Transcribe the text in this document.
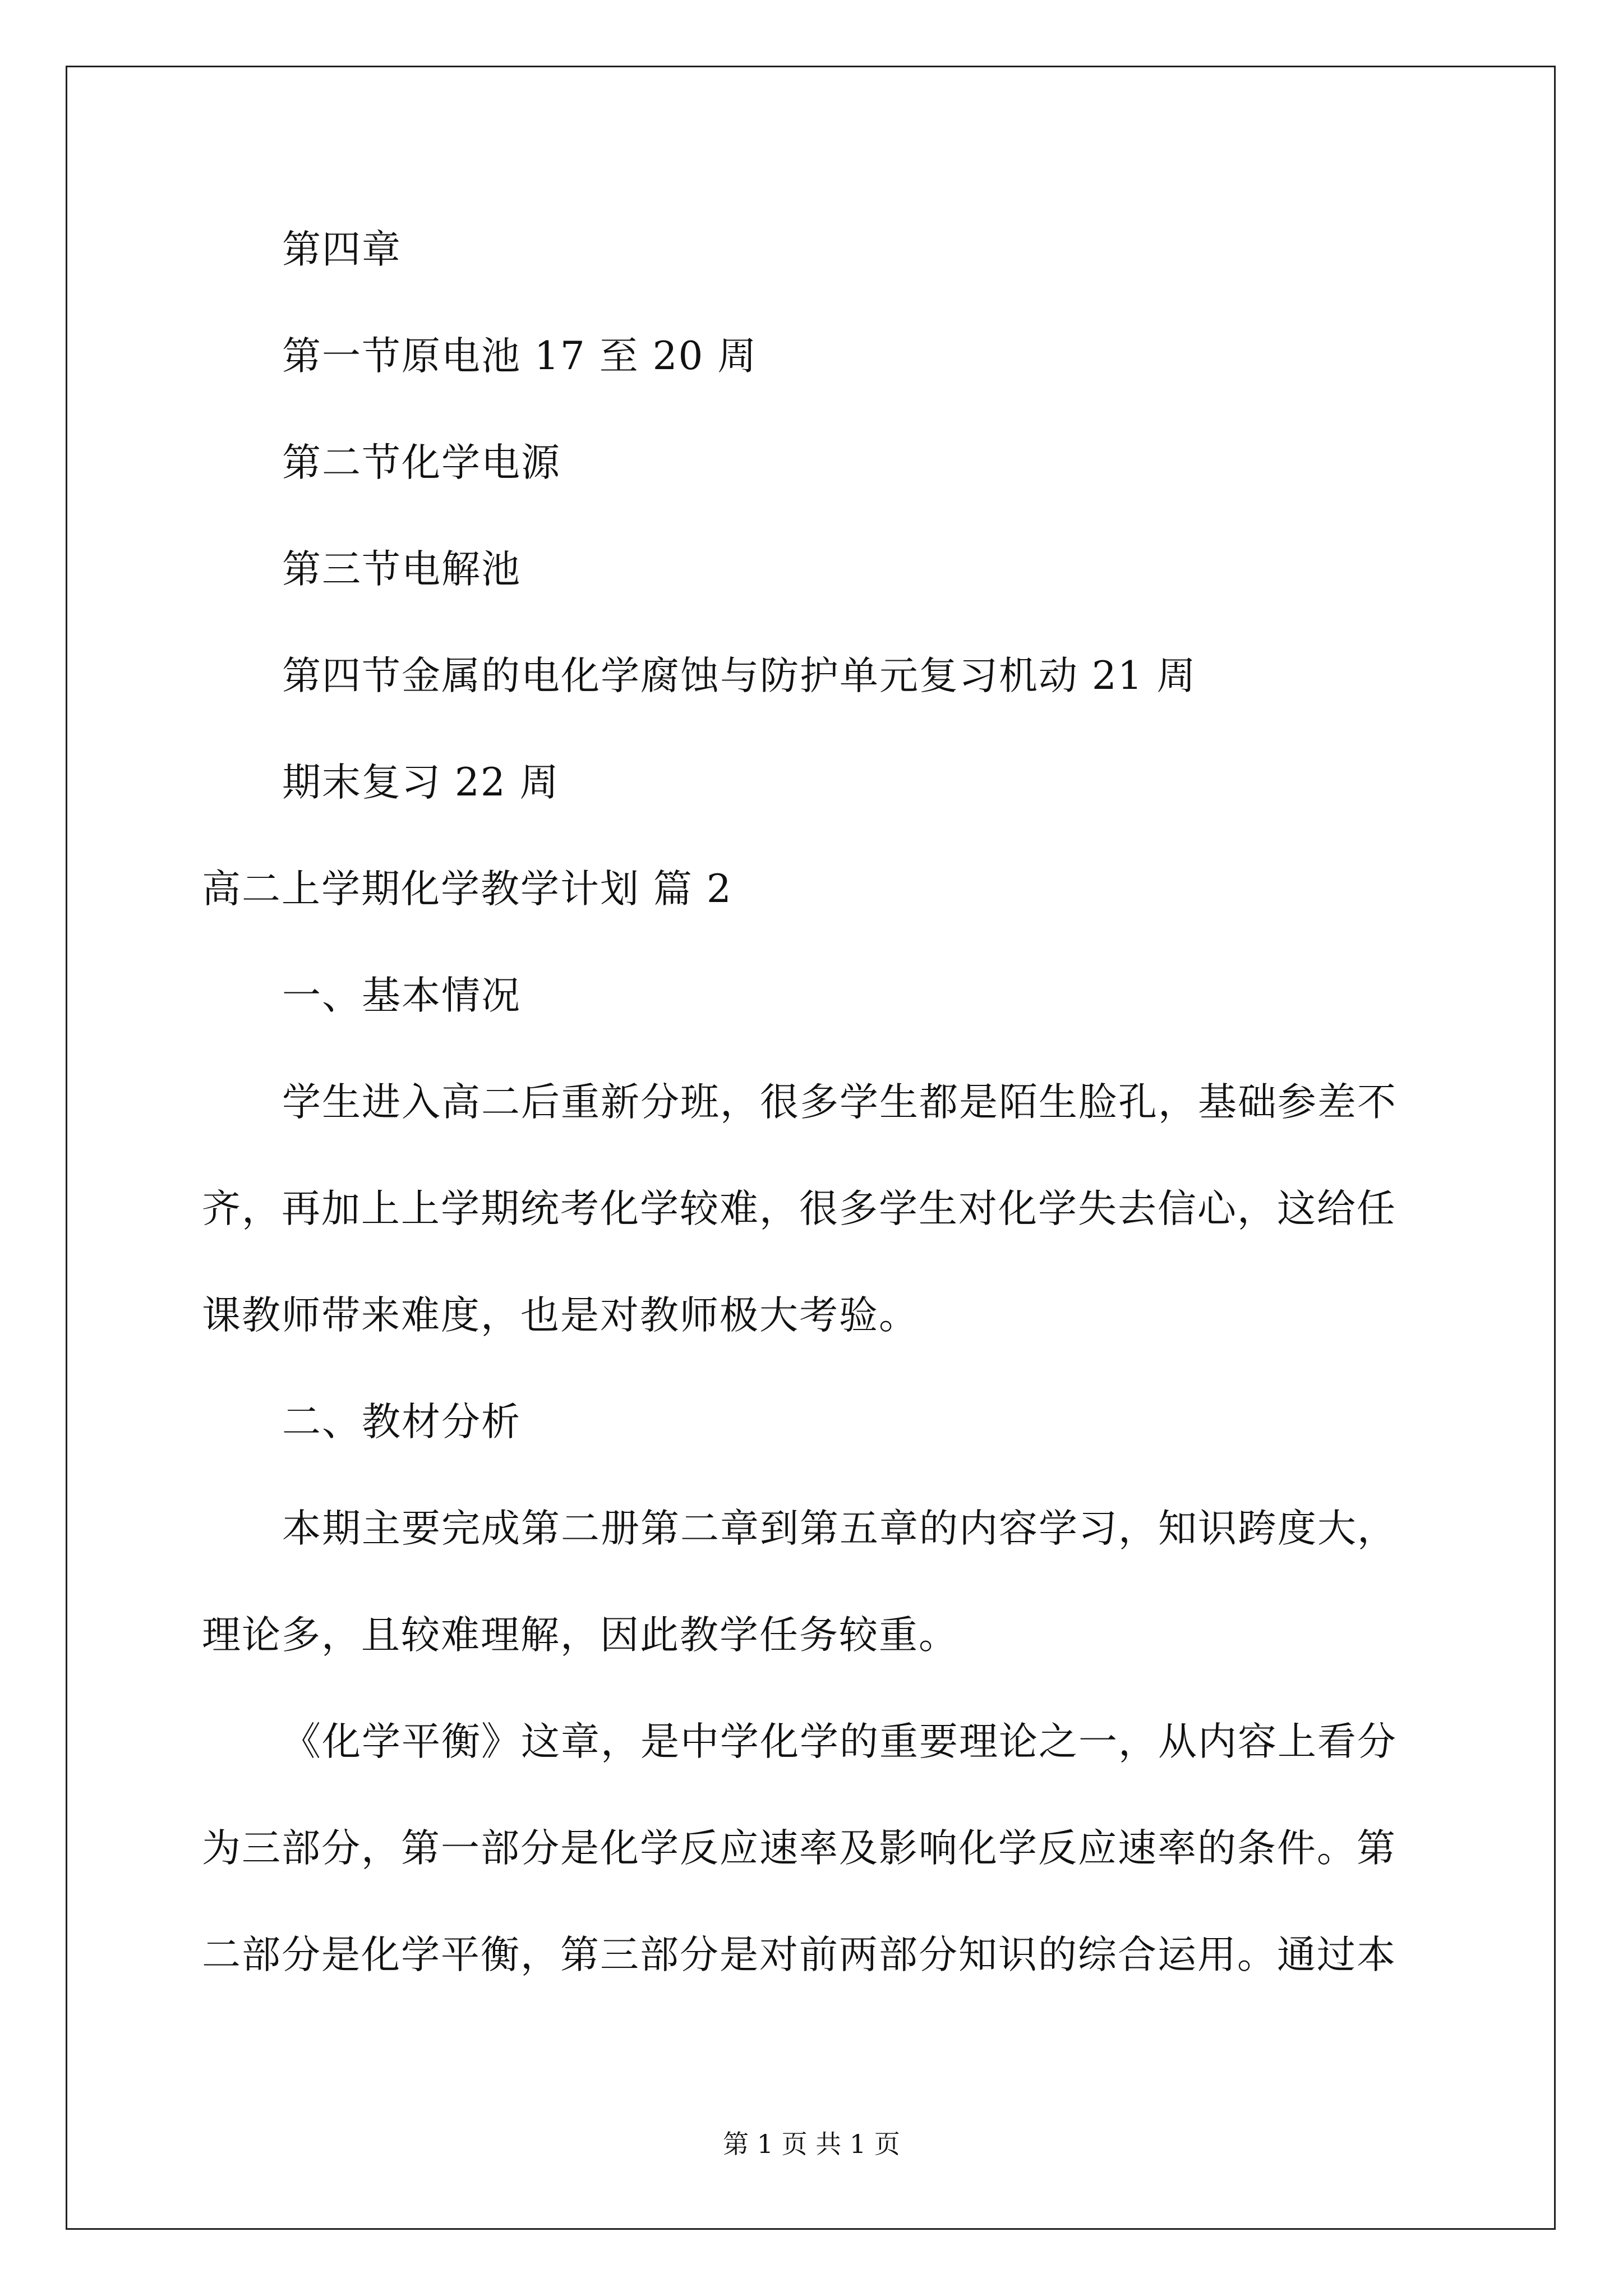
第四章
第一节原电池 17 至 20 周
第二节化学电源
第三节电解池
第四节金属的电化学腐蚀与防护单元复习机动 21 周
期末复习 22 周
高二上学期化学教学计划 篇 2
一、基本情况
学生进入高二后重新分班，很多学生都是陌生脸孔，基础参差不
齐，再加上上学期统考化学较难，很多学生对化学失去信心，这给任
课教师带来难度，也是对教师极大考验。
二、教材分析
本期主要完成第二册第二章到第五章的内容学习，知识跨度大，
理论多，且较难理解，因此教学任务较重。
《化学平衡》这章，是中学化学的重要理论之一，从内容上看分
为三部分，第一部分是化学反应速率及影响化学反应速率的条件。第
二部分是化学平衡，第三部分是对前两部分知识的综合运用。通过本
第 1 页 共 1 页
